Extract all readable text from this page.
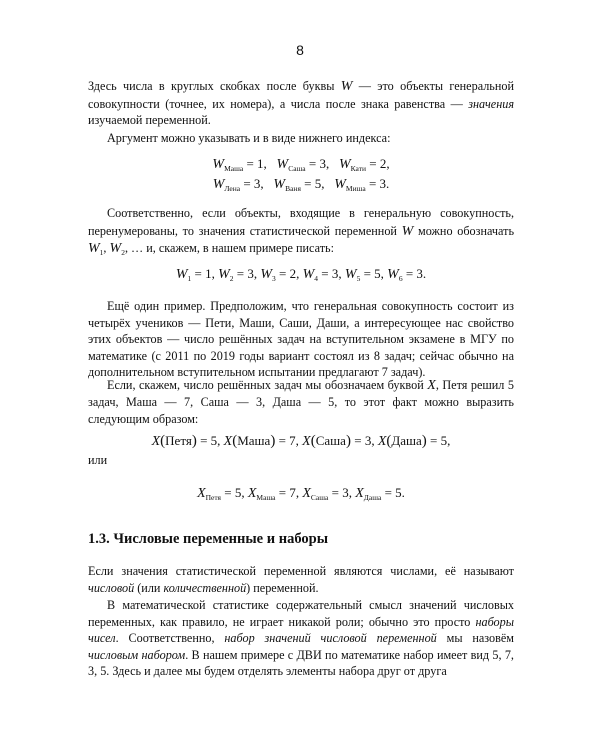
8
Здесь числа в круглых скобках после буквы W — это объекты генеральной совокупности (точнее, их номера), а числа после знака равенства — значения изучаемой переменной.
Аргумент можно указывать и в виде нижнего индекса:
$W_{Маша} = 1$,   $W_{Саша} = 3$,   $W_{Кати} = 2$,
$W_{Лена} = 3$,   $W_{Ваня} = 5$,   $W_{Миша} = 3$.
Соответственно, если объекты, входящие в генеральную совокупность, перенумерованы, то значения статистической переменной W можно обозначать $W_1$, $W_2$, … и, скажем, в нашем примере писать:
$W_1 = 1$, $W_2 = 3$, $W_3 = 2$, $W_4 = 3$, $W_5 = 5$, $W_6 = 3$.
Ещё один пример. Предположим, что генеральная совокупность состоит из четырёх учеников — Пети, Маши, Саши, Даши, а интересующее нас свойство этих объектов — число решённых задач на вступительном экзамене в МГУ по математике (с 2011 по 2019 годы вариант состоял из 8 задач; сейчас обычно на дополнительном вступительном испытании предлагают 7 задач).
Если, скажем, число решённых задач мы обозначаем буквой X, Петя решил 5 задач, Маша — 7, Саша — 3, Даша — 5, то этот факт можно выразить следующим образом:
X(Петя) = 5, X(Маша) = 7, X(Саша) = 3, X(Даша) = 5,
или
$X_{Петя} = 5$, $X_{Маша} = 7$, $X_{Саша} = 3$, $X_{Даша} = 5$.
1.3. Числовые переменные и наборы
Если значения статистической переменной являются числами, её называют числовой (или количественной) переменной.
В математической статистике содержательный смысл значений числовых переменных, как правило, не играет никакой роли; обычно это просто наборы чисел. Соответственно, набор значений числовой переменной мы назовём числовым набором. В нашем примере с ДВИ по математике набор имеет вид 5, 7, 3, 5. Здесь и далее мы будем отделять элементы набора друг от друга
